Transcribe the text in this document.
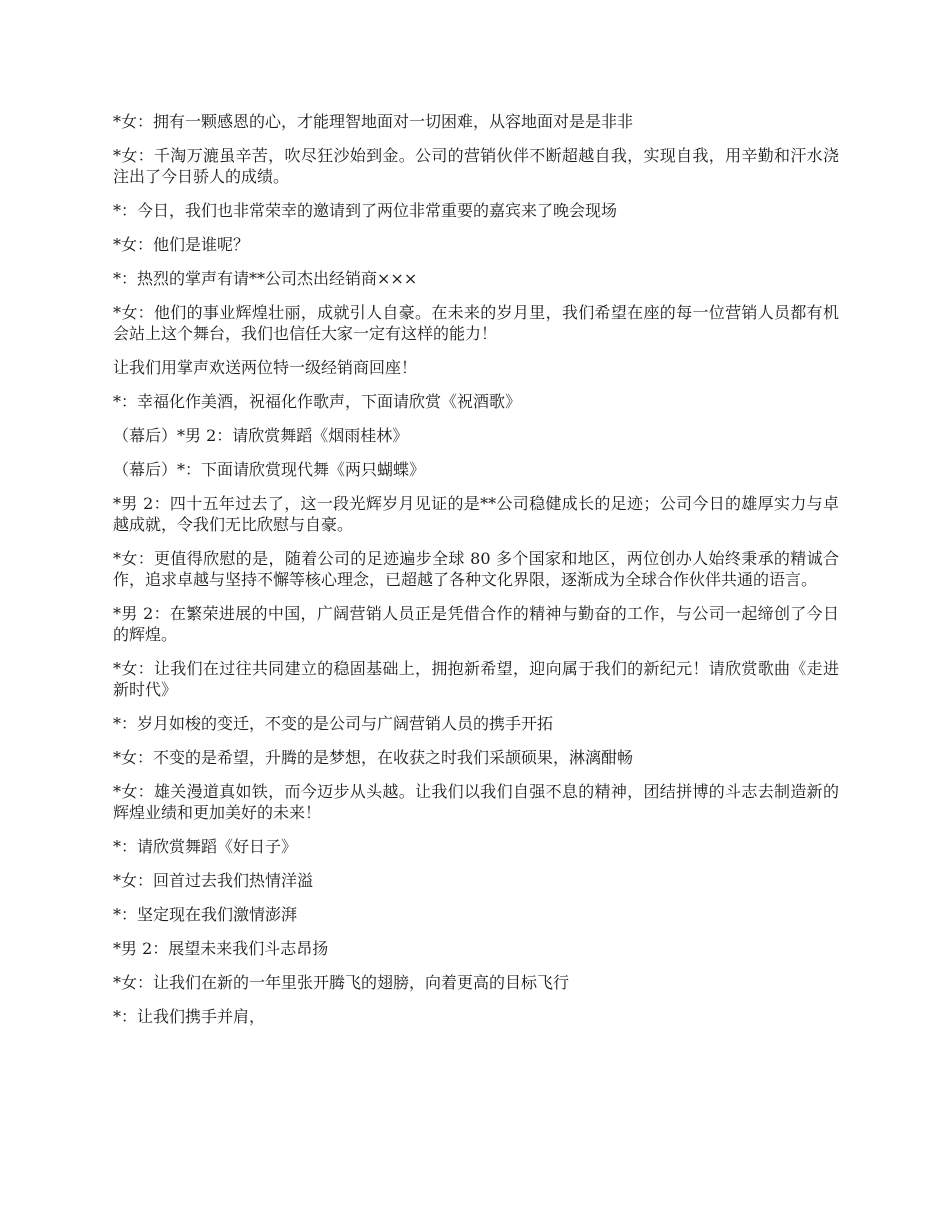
*女：拥有一颗感恩的心，才能理智地面对一切困难，从容地面对是是非非

*女：千淘万漉虽辛苦，吹尽狂沙始到金。公司的营销伙伴不断超越自我，实现自我，用辛勤和汗水浇注出了今日骄人的成绩。

*：今日，我们也非常荣幸的邀请到了两位非常重要的嘉宾来了晚会现场

*女：他们是谁呢？

*：热烈的掌声有请**公司杰出经销商×××

*女：他们的事业辉煌壮丽，成就引人自豪。在未来的岁月里，我们希望在座的每一位营销人员都有机会站上这个舞台，我们也信任大家一定有这样的能力！

让我们用掌声欢送两位特一级经销商回座！

*：幸福化作美酒，祝福化作歌声，下面请欣赏《祝酒歌》

（幕后）*男 2：请欣赏舞蹈《烟雨桂林》

（幕后）*：下面请欣赏现代舞《两只蝴蝶》

*男 2：四十五年过去了，这一段光辉岁月见证的是**公司稳健成长的足迹；公司今日的雄厚实力与卓越成就，令我们无比欣慰与自豪。

*女：更值得欣慰的是，随着公司的足迹遍步全球 80 多个国家和地区，两位创办人始终秉承的精诚合作，追求卓越与坚持不懈等核心理念，已超越了各种文化界限，逐渐成为全球合作伙伴共通的语言。

*男 2：在繁荣进展的中国，广阔营销人员正是凭借合作的精神与勤奋的工作，与公司一起缔创了今日的辉煌。

*女：让我们在过往共同建立的稳固基础上，拥抱新希望，迎向属于我们的新纪元！请欣赏歌曲《走进新时代》

*：岁月如梭的变迁，不变的是公司与广阔营销人员的携手开拓

*女：不变的是希望，升腾的是梦想，在收获之时我们采颉硕果，淋漓酣畅

*女：雄关漫道真如铁，而今迈步从头越。让我们以我们自强不息的精神，团结拼博的斗志去制造新的辉煌业绩和更加美好的未来！

*：请欣赏舞蹈《好日子》

*女：回首过去我们热情洋溢

*：坚定现在我们激情澎湃

*男 2：展望未来我们斗志昂扬

*女：让我们在新的一年里张开腾飞的翅膀，向着更高的目标飞行

*：让我们携手并肩，
